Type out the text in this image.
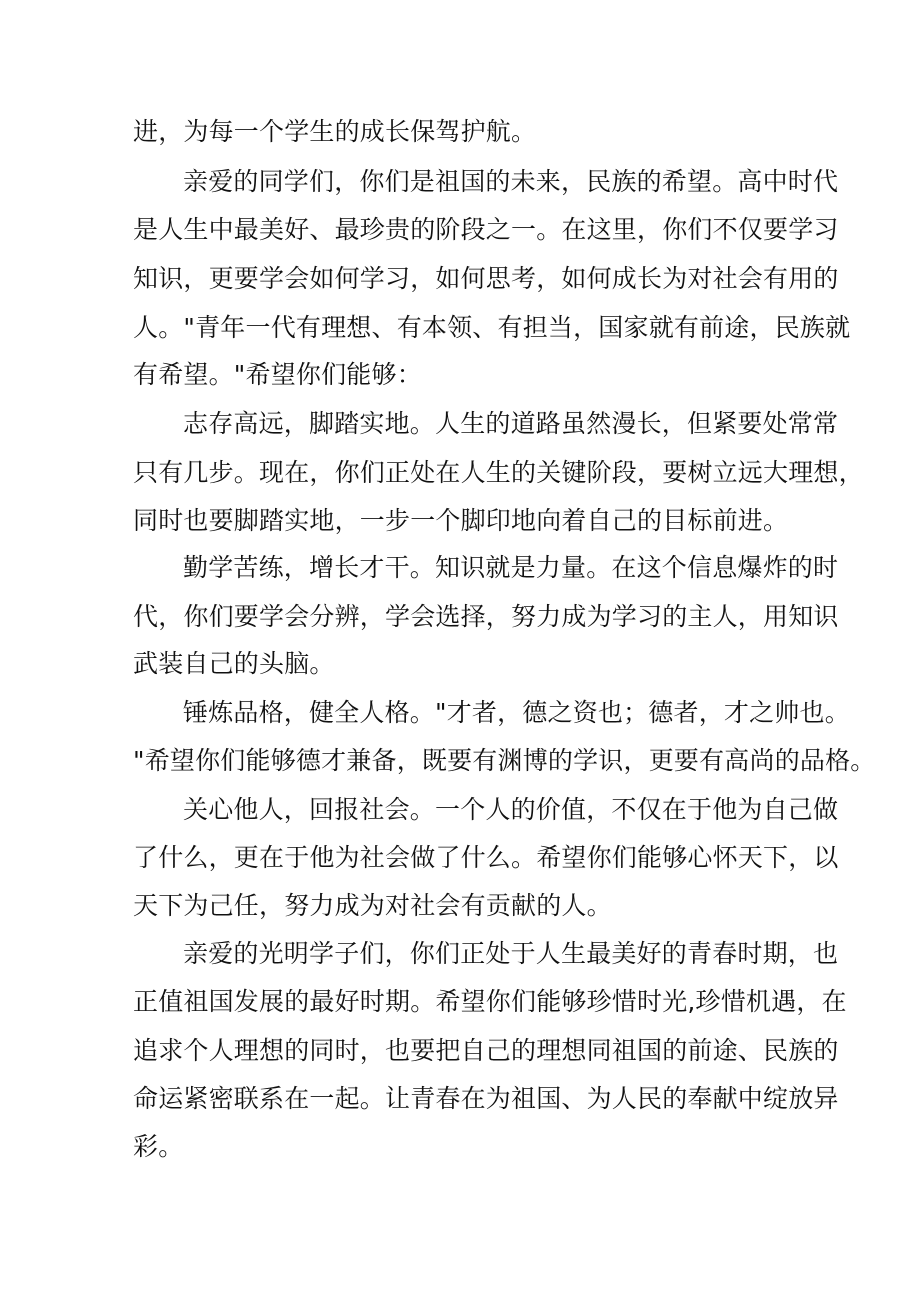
进，为每一个学生的成长保驾护航。
亲爱的同学们，你们是祖国的未来，民族的希望。高中时代
是人生中最美好、最珍贵的阶段之一。在这里，你们不仅要学习
知识，更要学会如何学习，如何思考，如何成长为对社会有用的
人。"青年一代有理想、有本领、有担当，国家就有前途，民族就
有希望。"希望你们能够：
志存高远，脚踏实地。人生的道路虽然漫长，但紧要处常常
只有几步。现在，你们正处在人生的关键阶段，要树立远大理想，
同时也要脚踏实地，一步一个脚印地向着自己的目标前进。
勤学苦练，增长才干。知识就是力量。在这个信息爆炸的时
代，你们要学会分辨，学会选择，努力成为学习的主人，用知识
武装自己的头脑。
锤炼品格，健全人格。"才者，德之资也；德者，才之帅也。
"希望你们能够德才兼备，既要有渊博的学识，更要有高尚的品格。
关心他人，回报社会。一个人的价值，不仅在于他为自己做
了什么，更在于他为社会做了什么。希望你们能够心怀天下，以
天下为己任，努力成为对社会有贡献的人。
亲爱的光明学子们，你们正处于人生最美好的青春时期，也
正值祖国发展的最好时期。希望你们能够珍惜时光,珍惜机遇，在
追求个人理想的同时，也要把自己的理想同祖国的前途、民族的
命运紧密联系在一起。让青春在为祖国、为人民的奉献中绽放异
彩。
